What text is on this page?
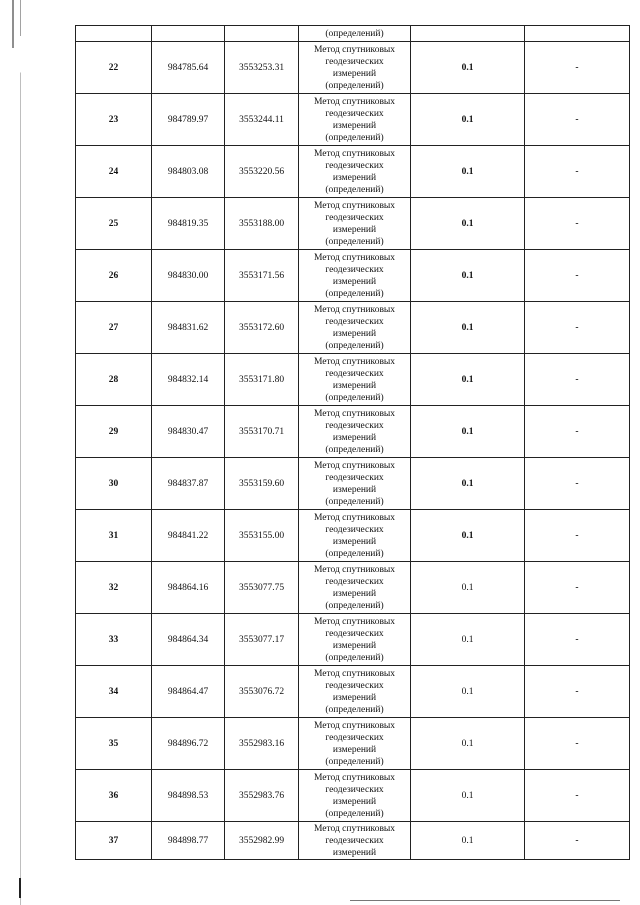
			(определений)		
22	984785.64	3553253.31	Метод спутниковых
геодезических
измерений
(определений)	0.1	-
23	984789.97	3553244.11	Метод спутниковых
геодезических
измерений
(определений)	0.1	-
24	984803.08	3553220.56	Метод спутниковых
геодезических
измерений
(определений)	0.1	-
25	984819.35	3553188.00	Метод спутниковых
геодезических
измерений
(определений)	0.1	-
26	984830.00	3553171.56	Метод спутниковых
геодезических
измерений
(определений)	0.1	-
27	984831.62	3553172.60	Метод спутниковых
геодезических
измерений
(определений)	0.1	-
28	984832.14	3553171.80	Метод спутниковых
геодезических
измерений
(определений)	0.1	-
29	984830.47	3553170.71	Метод спутниковых
геодезических
измерений
(определений)	0.1	-
30	984837.87	3553159.60	Метод спутниковых
геодезических
измерений
(определений)	0.1	-
31	984841.22	3553155.00	Метод спутниковых
геодезических
измерений
(определений)	0.1	-
32	984864.16	3553077.75	Метод спутниковых
геодезических
измерений
(определений)	0.1	-
33	984864.34	3553077.17	Метод спутниковых
геодезических
измерений
(определений)	0.1	-
34	984864.47	3553076.72	Метод спутниковых
геодезических
измерений
(определений)	0.1	-
35	984896.72	3552983.16	Метод спутниковых
геодезических
измерений
(определений)	0.1	-
36	984898.53	3552983.76	Метод спутниковых
геодезических
измерений
(определений)	0.1	-
37	984898.77	3552982.99	Метод спутниковых
геодезических
измерений	0.1	-
